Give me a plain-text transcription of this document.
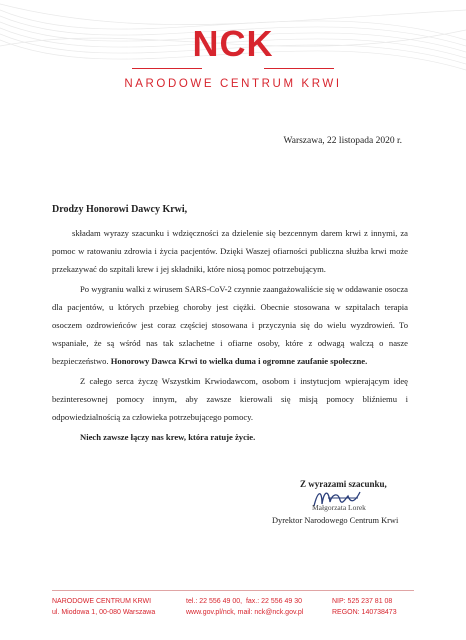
NCK
NARODOWE CENTRUM KRWI
Warszawa, 22 listopada 2020 r.
Drodzy Honorowi Dawcy Krwi,

składam wyrazy szacunku i wdzięczności za dzielenie się bezcennym darem krwi z innymi, za pomoc w ratowaniu zdrowia i życia pacjentów. Dzięki Waszej ofiarności publiczna służba krwi może przekazywać do szpitali krew i jej składniki, które niosą pomoc potrzebującym.

Po wygraniu walki z wirusem SARS-CoV-2 czynnie zaangażowaliście się w oddawanie osocza dla pacjentów, u których przebieg choroby jest ciężki. Obecnie stosowana w szpitalach terapia osoczem ozdrowieńców jest coraz częściej stosowana i przyczynia się do wielu wyzdrowień. To wspaniałe, że są wśród nas tak szlachetne i ofiarne osoby, które z odwagą walczą o nasze bezpieczeństwo. Honorowy Dawca Krwi to wielka duma i ogromne zaufanie społeczne.

Z całego serca życzę Wszystkim Krwiodawcom, osobom i instytucjom wpierającym ideę bezinteresownej pomocy innym, aby zawsze kierowali się misją pomocy bliźniemu i odpowiedzialnością za człowieka potrzebującego pomocy.

Niech zawsze łączy nas krew, która ratuje życie.

Z wyrazami szacunku,
Małgorzata Lorek
Dyrektor Narodowego Centrum Krwi
NARODOWE CENTRUM KRWI
ul. Miodowa 1, 00-080 Warszawa
tel.: 22 556 49 00, fax.: 22 556 49 30
www.gov.pl/nck, mail: nck@nck.gov.pl
NIP: 525 237 81 08
REGON: 140738473
